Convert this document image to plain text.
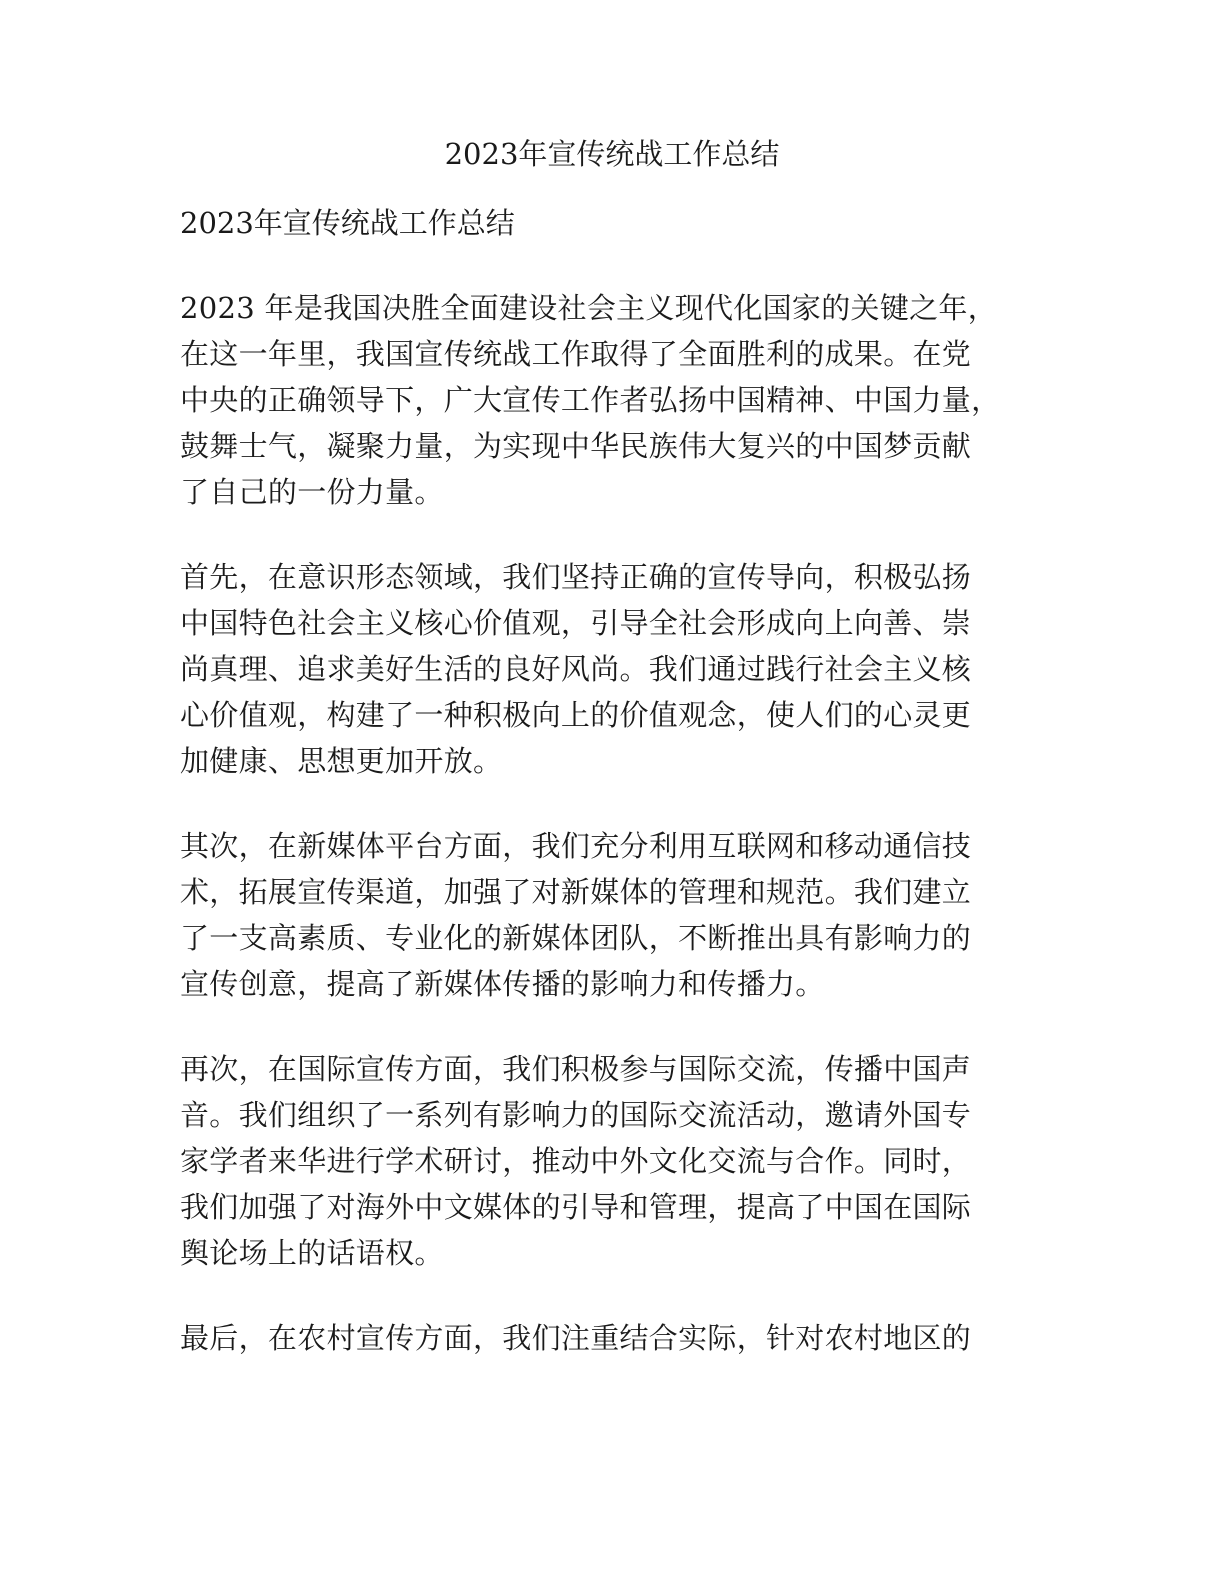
2023年宣传统战工作总结

2023年宣传统战工作总结

2023 年是我国决胜全面建设社会主义现代化国家的关键之年，
在这一年里，我国宣传统战工作取得了全面胜利的成果。在党
中央的正确领导下，广大宣传工作者弘扬中国精神、中国力量，
鼓舞士气，凝聚力量，为实现中华民族伟大复兴的中国梦贡献
了自己的一份力量。

首先，在意识形态领域，我们坚持正确的宣传导向，积极弘扬
中国特色社会主义核心价值观，引导全社会形成向上向善、崇
尚真理、追求美好生活的良好风尚。我们通过践行社会主义核
心价值观，构建了一种积极向上的价值观念，使人们的心灵更
加健康、思想更加开放。

其次，在新媒体平台方面，我们充分利用互联网和移动通信技
术，拓展宣传渠道，加强了对新媒体的管理和规范。我们建立
了一支高素质、专业化的新媒体团队，不断推出具有影响力的
宣传创意，提高了新媒体传播的影响力和传播力。

再次，在国际宣传方面，我们积极参与国际交流，传播中国声
音。我们组织了一系列有影响力的国际交流活动，邀请外国专
家学者来华进行学术研讨，推动中外文化交流与合作。同时，
我们加强了对海外中文媒体的引导和管理，提高了中国在国际
舆论场上的话语权。

最后，在农村宣传方面，我们注重结合实际，针对农村地区的
